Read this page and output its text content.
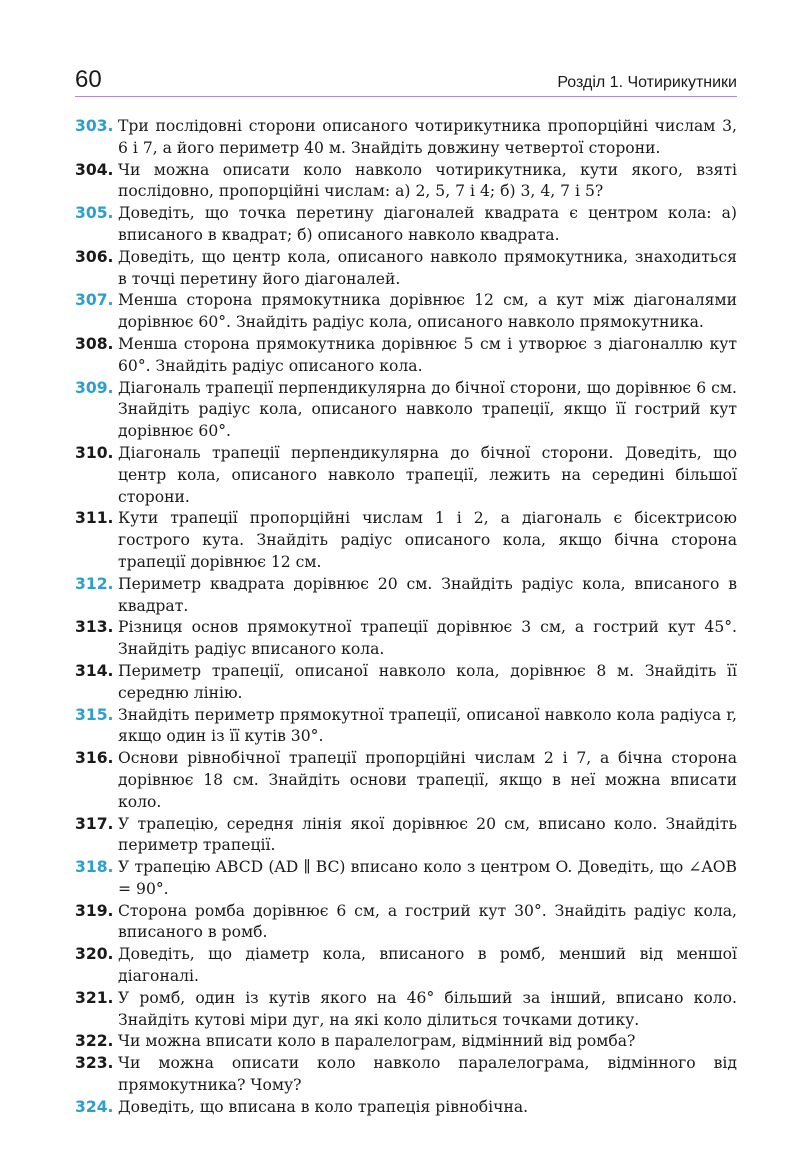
60	Розділ 1. Чотирикутники
303. Три послідовні сторони описаного чотирикутника пропорційні числам 3, 6 і 7, а його периметр 40 м. Знайдіть довжину четвертої сторони.
304. Чи можна описати коло навколо чотирикутника, кути якого, взяті послідовно, пропорційні числам: а) 2, 5, 7 і 4; б) 3, 4, 7 і 5?
305. Доведіть, що точка перетину діагоналей квадрата є центром кола: а) вписаного в квадрат; б) описаного навколо квадрата.
306. Доведіть, що центр кола, описаного навколо прямокутника, знаходиться в точці перетину його діагоналей.
307. Менша сторона прямокутника дорівнює 12 см, а кут між діагоналями дорівнює 60°. Знайдіть радіус кола, описаного навколо прямокутника.
308. Менша сторона прямокутника дорівнює 5 см і утворює з діагоналлю кут 60°. Знайдіть радіус описаного кола.
309. Діагональ трапеції перпендикулярна до бічної сторони, що дорівнює 6 см. Знайдіть радіус кола, описаного навколо трапеції, якщо її гострий кут дорівнює 60°.
310. Діагональ трапеції перпендикулярна до бічної сторони. Доведіть, що центр кола, описаного навколо трапеції, лежить на середині більшої сторони.
311. Кути трапеції пропорційні числам 1 і 2, а діагональ є бісектрисою гострого кута. Знайдіть радіус описаного кола, якщо бічна сторона трапеції дорівнює 12 см.
312. Периметр квадрата дорівнює 20 см. Знайдіть радіус кола, вписаного в квадрат.
313. Різниця основ прямокутної трапеції дорівнює 3 см, а гострий кут 45°. Знайдіть радіус вписаного кола.
314. Периметр трапеції, описаної навколо кола, дорівнює 8 м. Знайдіть її середню лінію.
315. Знайдіть периметр прямокутної трапеції, описаної навколо кола радіуса r, якщо один із її кутів 30°.
316. Основи рівнобічної трапеції пропорційні числам 2 і 7, а бічна сторона дорівнює 18 см. Знайдіть основи трапеції, якщо в неї можна вписати коло.
317. У трапецію, середня лінія якої дорівнює 20 см, вписано коло. Знайдіть периметр трапеції.
318. У трапецію ABCD (AD ∥ BC) вписано коло з центром O. Доведіть, що ∠AOB = 90°.
319. Сторона ромба дорівнює 6 см, а гострий кут 30°. Знайдіть радіус кола, вписаного в ромб.
320. Доведіть, що діаметр кола, вписаного в ромб, менший від меншої діагоналі.
321. У ромб, один із кутів якого на 46° більший за інший, вписано коло. Знайдіть кутові міри дуг, на які коло ділиться точками дотику.
322. Чи можна вписати коло в паралелограм, відмінний від ромба?
323. Чи можна описати коло навколо паралелограма, відмінного від прямокутника? Чому?
324. Доведіть, що вписана в коло трапеція рівнобічна.
